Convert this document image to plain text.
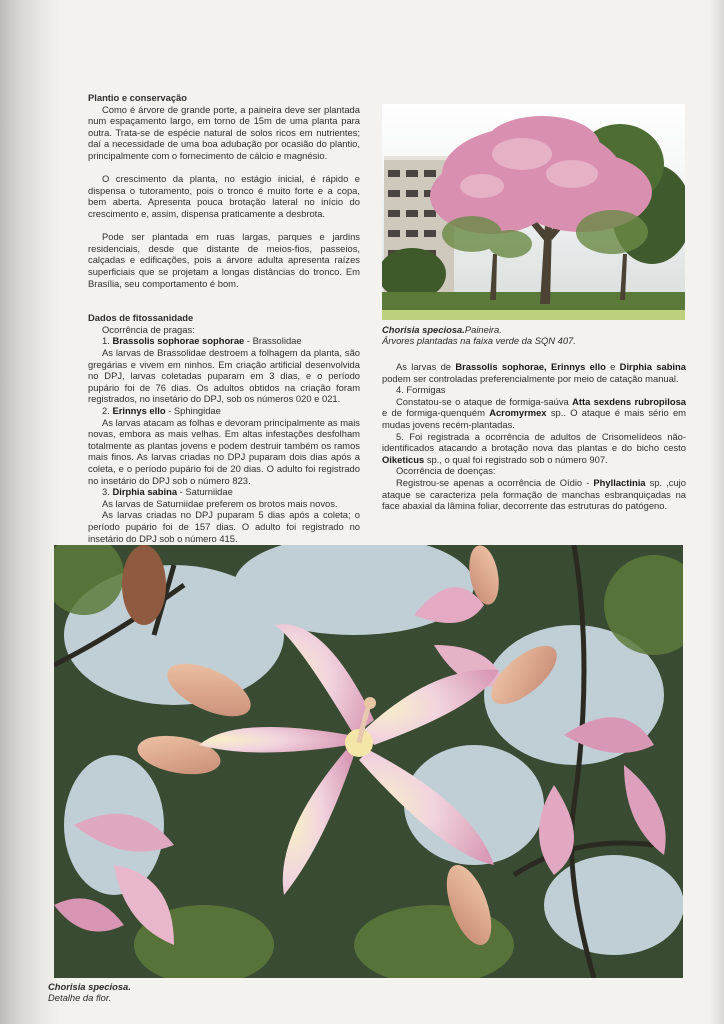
Plantio e conservação

Como é árvore de grande porte, a paineira deve ser plantada num espaçamento largo, em torno de 15m de uma planta para outra. Trata-se de espécie natural de solos ricos em nutrientes; daí a necessidade de uma boa adubação por ocasião do plantio, principalmente com o fornecimento de cálcio e magnésio.

O crescimento da planta, no estágio inicial, é rápido e dispensa o tutoramento, pois o tronco é muito forte e a copa, bem aberta. Apresenta pouca brotação lateral no início do crescimento e, assim, dispensa praticamente a desbrota.

Pode ser plantada em ruas largas, parques e jardins residenciais, desde que distante de meios-fios, passeios, calçadas e edificações, pois a árvore adulta apresenta raízes superficiais que se projetam a longas distâncias do tronco. Em Brasília, seu comportamento é bom.

Dados de fitossanidade

Ocorrência de pragas:

1. Brassolis sophorae sophorae - Brassolidae

As larvas de Brassolidae destroem a folhagem da planta, são gregárias e vivem em ninhos. Em criação artificial desenvolvida no DPJ, larvas coletadas puparam em 3 dias, e o período pupário foi de 76 dias. Os adultos obtidos na criação foram registrados, no insetário do DPJ, sob os números 020 e 021.

2. Erinnys ello - Sphingidae

As larvas atacam as folhas e devoram principalmente as mais novas, embora as mais velhas. Em altas infestações desfolham totalmente as plantas jovens e podem destruir também os ramos mais finos. As larvas criadas no DPJ puparam dois dias após a coleta, e o período pupário foi de 20 dias. O adulto foi registrado no insetário do DPJ sob o número 823.

3. Dirphia sabina - Saturniidae

As larvas de Saturniidae preferem os brotos mais novos.

As larvas criadas no DPJ puparam 5 dias após a coleta; o período pupário foi de 157 dias. O adulto foi registrado no insetário do DPJ sob o número 415.

Chorisia speciosa.Paineira.
Árvores plantadas na faixa verde da SQN 407.

As larvas de Brassolis sophorae, Erinnys ello e Dirphia sabina podem ser controladas preferencialmente por meio de catação manual.

4. Formigas

Constatou-se o ataque de formiga-saúva Atta sexdens rubropilosa e de formiga-quenquém Acromyrmex sp.. O ataque é mais sério em mudas jovens recém-plantadas.

5. Foi registrada a ocorrência de adultos de Crisomelídeos não-identificados atacando a brotação nova das plantas e do bicho cesto Oiketicus sp., o qual foi registrado sob o número 907.

Ocorrência de doenças:

Registrou-se apenas a ocorrência de Oídio - Phyllactinia sp. ,cujo ataque se caracteriza pela formação de manchas esbranquiçadas na face abaxial da lâmina foliar, decorrente das estruturas do patógeno.

Chorisia speciosa.
Detalhe da flor.
